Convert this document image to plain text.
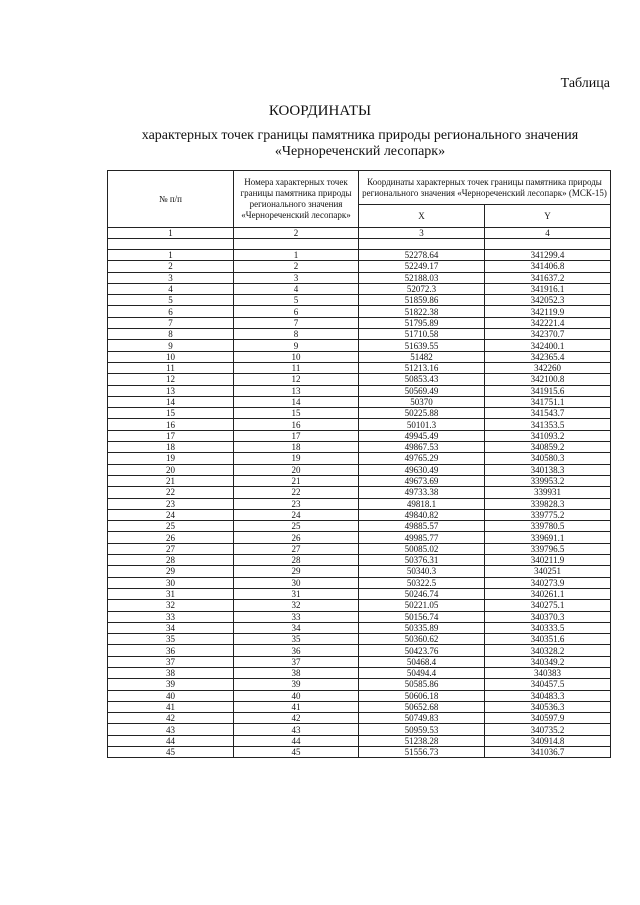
Таблица
КООРДИНАТЫ
характерных точек границы памятника природы регионального значения «Чернореченский лесопарк»
№ п/п	Номера характерных точек границы памятника природы регионального значения «Чернореченский лесопарк»	Координаты характерных точек границы памятника природы регионального значения «Чернореченский лесопарк» (МСК-15)	
		X	Y
1	2	3	4

1	1	52278.64	341299.4
2	2	52249.17	341406.8
3	3	52188.03	341637.2
4	4	52072.3	341916.1
5	5	51859.86	342052.3
6	6	51822.38	342119.9
7	7	51795.89	342221.4
8	8	51710.58	342370.7
9	9	51639.55	342400.1
10	10	51482	342365.4
11	11	51213.16	342260
12	12	50853.43	342100.8
13	13	50569.49	341915.6
14	14	50370	341751.1
15	15	50225.88	341543.7
16	16	50101.3	341353.5
17	17	49945.49	341093.2
18	18	49867.53	340859.2
19	19	49765.29	340580.3
20	20	49630.49	340138.3
21	21	49673.69	339953.2
22	22	49733.38	339931
23	23	49818.1	339828.3
24	24	49840.82	339775.2
25	25	49885.57	339780.5
26	26	49985.77	339691.1
27	27	50085.02	339796.5
28	28	50376.31	340211.9
29	29	50340.3	340251
30	30	50322.5	340273.9
31	31	50246.74	340261.1
32	32	50221.05	340275.1
33	33	50156.74	340370.3
34	34	50335.89	340333.5
35	35	50360.62	340351.6
36	36	50423.76	340328.2
37	37	50468.4	340349.2
38	38	50494.4	340383
39	39	50585.86	340457.5
40	40	50606.18	340483.3
41	41	50652.68	340536.3
42	42	50749.83	340597.9
43	43	50959.53	340735.2
44	44	51238.28	340914.8
45	45	51556.73	341036.7
